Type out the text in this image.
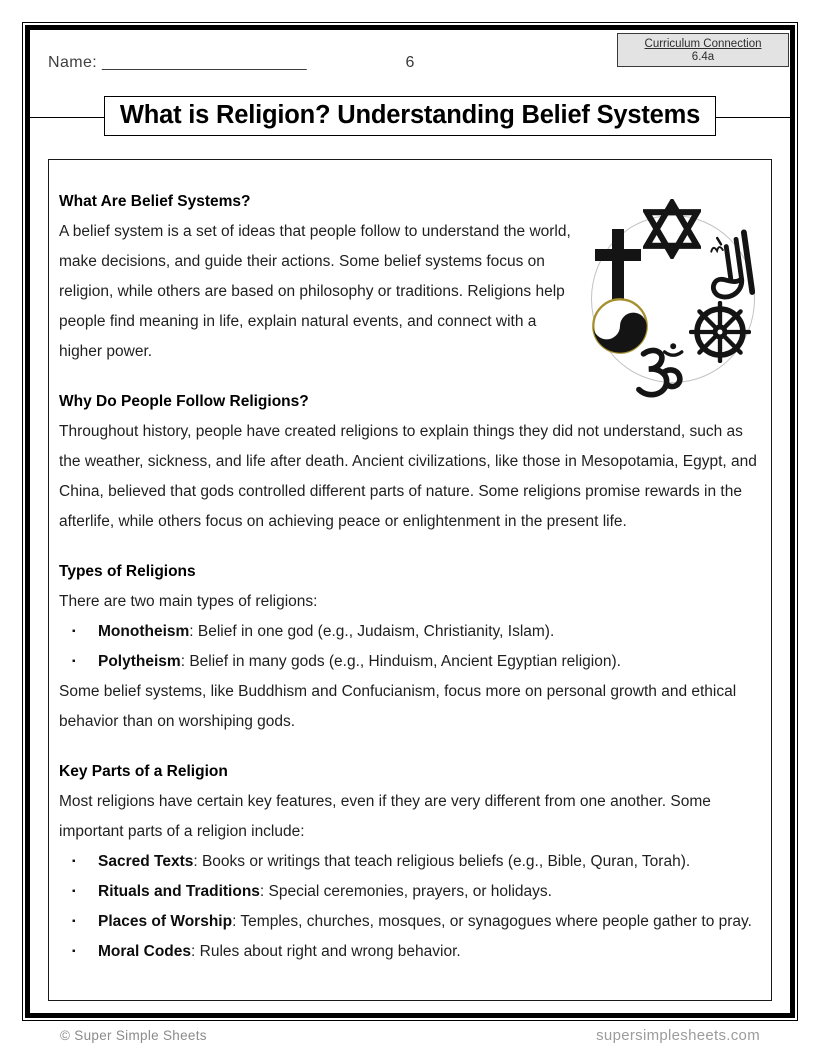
Name: _______________________	6
Curriculum Connection
6.4a
What is Religion? Understanding Belief Systems
What Are Belief Systems?
A belief system is a set of ideas that people follow to understand the world, make decisions, and guide their actions. Some belief systems focus on religion, while others are based on philosophy or traditions. Religions help people find meaning in life, explain natural events, and connect with a higher power.
Why Do People Follow Religions?
Throughout history, people have created religions to explain things they did not understand, such as the weather, sickness, and life after death. Ancient civilizations, like those in Mesopotamia, Egypt, and China, believed that gods controlled different parts of nature. Some religions promise rewards in the afterlife, while others focus on achieving peace or enlightenment in the present life.
Types of Religions
There are two main types of religions:
▪	Monotheism: Belief in one god (e.g., Judaism, Christianity, Islam).
▪	Polytheism: Belief in many gods (e.g., Hinduism, Ancient Egyptian religion).
Some belief systems, like Buddhism and Confucianism, focus more on personal growth and ethical behavior than on worshiping gods.
Key Parts of a Religion
Most religions have certain key features, even if they are very different from one another. Some important parts of a religion include:
▪	Sacred Texts: Books or writings that teach religious beliefs (e.g., Bible, Quran, Torah).
▪	Rituals and Traditions: Special ceremonies, prayers, or holidays.
▪	Places of Worship: Temples, churches, mosques, or synagogues where people gather to pray.
▪	Moral Codes: Rules about right and wrong behavior.
© Super Simple Sheets	supersimplesheets.com
